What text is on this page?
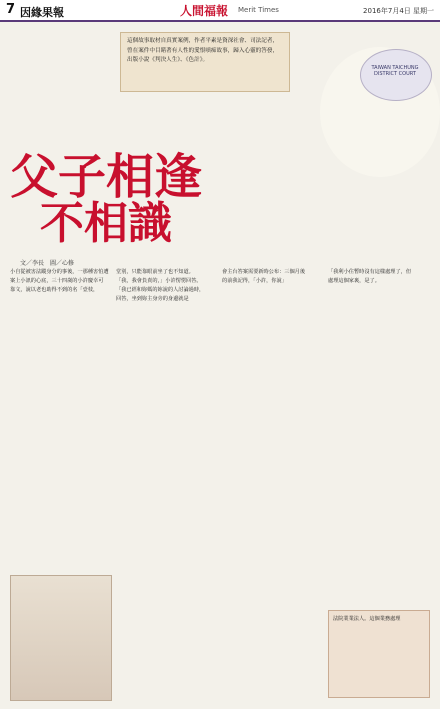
7 因緣果報	人間福報 Merit Times	2016年7月4日 星期一
TAIWAN TAICHUNG DISTRICT COURT
這個故事取材自真實案例，作者平素是資深社會、司法記者，曾在案件中目睹著有人性的愛恨嗔痴故事，歸入心靈的答發，出版小說《判決人生》、《色計》。
父子相逢
不相識
文／李長　圖／心修
小自從被害法蹤身分的事後，一那種害怕遭
案上小訊的心底，三十四歲的小許慶幸可
靠文，說以老也助得不到的名「壹枝，
堂別，只能靠眼前坐了也不知道。
「我，我會負責的，」小許愣愣回答。
「我已經和妳媽的妳說的人討論過時，
回答，坐到妳主身旁的身邊就是
會主台答案需要新時公布：三個月後
的前我記得，「小許，你說」
「我利小住暫時沒有這樣處理了，但
處理這個家裏，是了。
法院業業法人。這個業務處理
